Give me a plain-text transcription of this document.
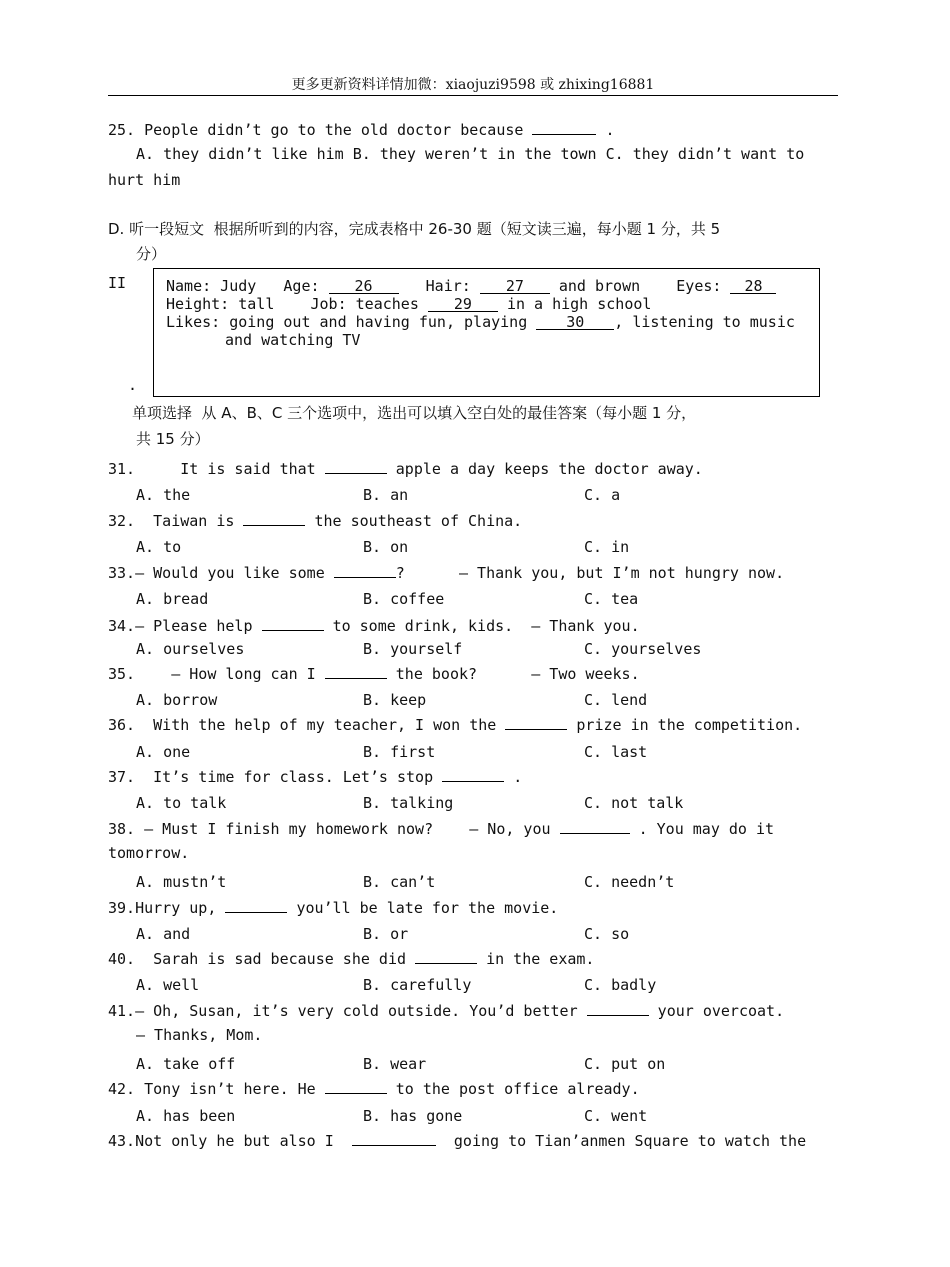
更多更新资料详情加微：xiaojuzi9598 或 zhixing16881
25. People didn’t go to the old doctor because	.
A. they didn’t like him B. they weren’t in the town C. they didn’t want to
hurt him
D. 听一段短文  根据所听到的内容，完成表格中 26-30 题（短文读三遍，每小题 1 分，共 5
分）
II
.
Name: Judy Age: 26	Hair: 27 and brown Eyes: 28
Height: tall Job: teaches 29 in a high school
Likes: going out and having fun, playing	30 , listening to music
and watching TV
单项选择  从 A、B、C 三个选项中，选出可以填入空白处的最佳答案（每小题 1 分，
共 15 分）
31.     It is said that	apple a day keeps the doctor away.
A. the	B. an	C. a
32. Taiwan is	the southeast of China.
A. to	B. on	C. in
33.— Would you like some	?      — Thank you, but I’m not hungry now.
A. bread	B. coffee	C. tea
34.— Please help	to some drink, kids.  — Thank you.
A. ourselves	B. yourself	C. yourselves
35.    — How long can I	the book?      — Two weeks.
A. borrow	B. keep	C. lend
36. With the help of my teacher, I won the	prize in the competition.
A. one	B. first	C. last
37. It’s time for class. Let’s stop	.
A. to talk	B. talking	C. not talk
38. — Must I finish my homework now?    — No, you	. You may do it
tomorrow.
A. mustn’t	B. can’t	C. needn’t
39.Hurry up,	you’ll be late for the movie.
A. and	B. or	C. so
40. Sarah is sad because she did	in the exam.
A. well	B. carefully	C. badly
41.— Oh, Susan, it’s very cold outside. You’d better	your overcoat.
— Thanks, Mom.
A. take off	B. wear	C. put on
42. Tony isn’t here. He	to the post office already.
A. has been	B. has gone	C. went
43.Not only he but also I	going to Tian’anmen Square to watch the
